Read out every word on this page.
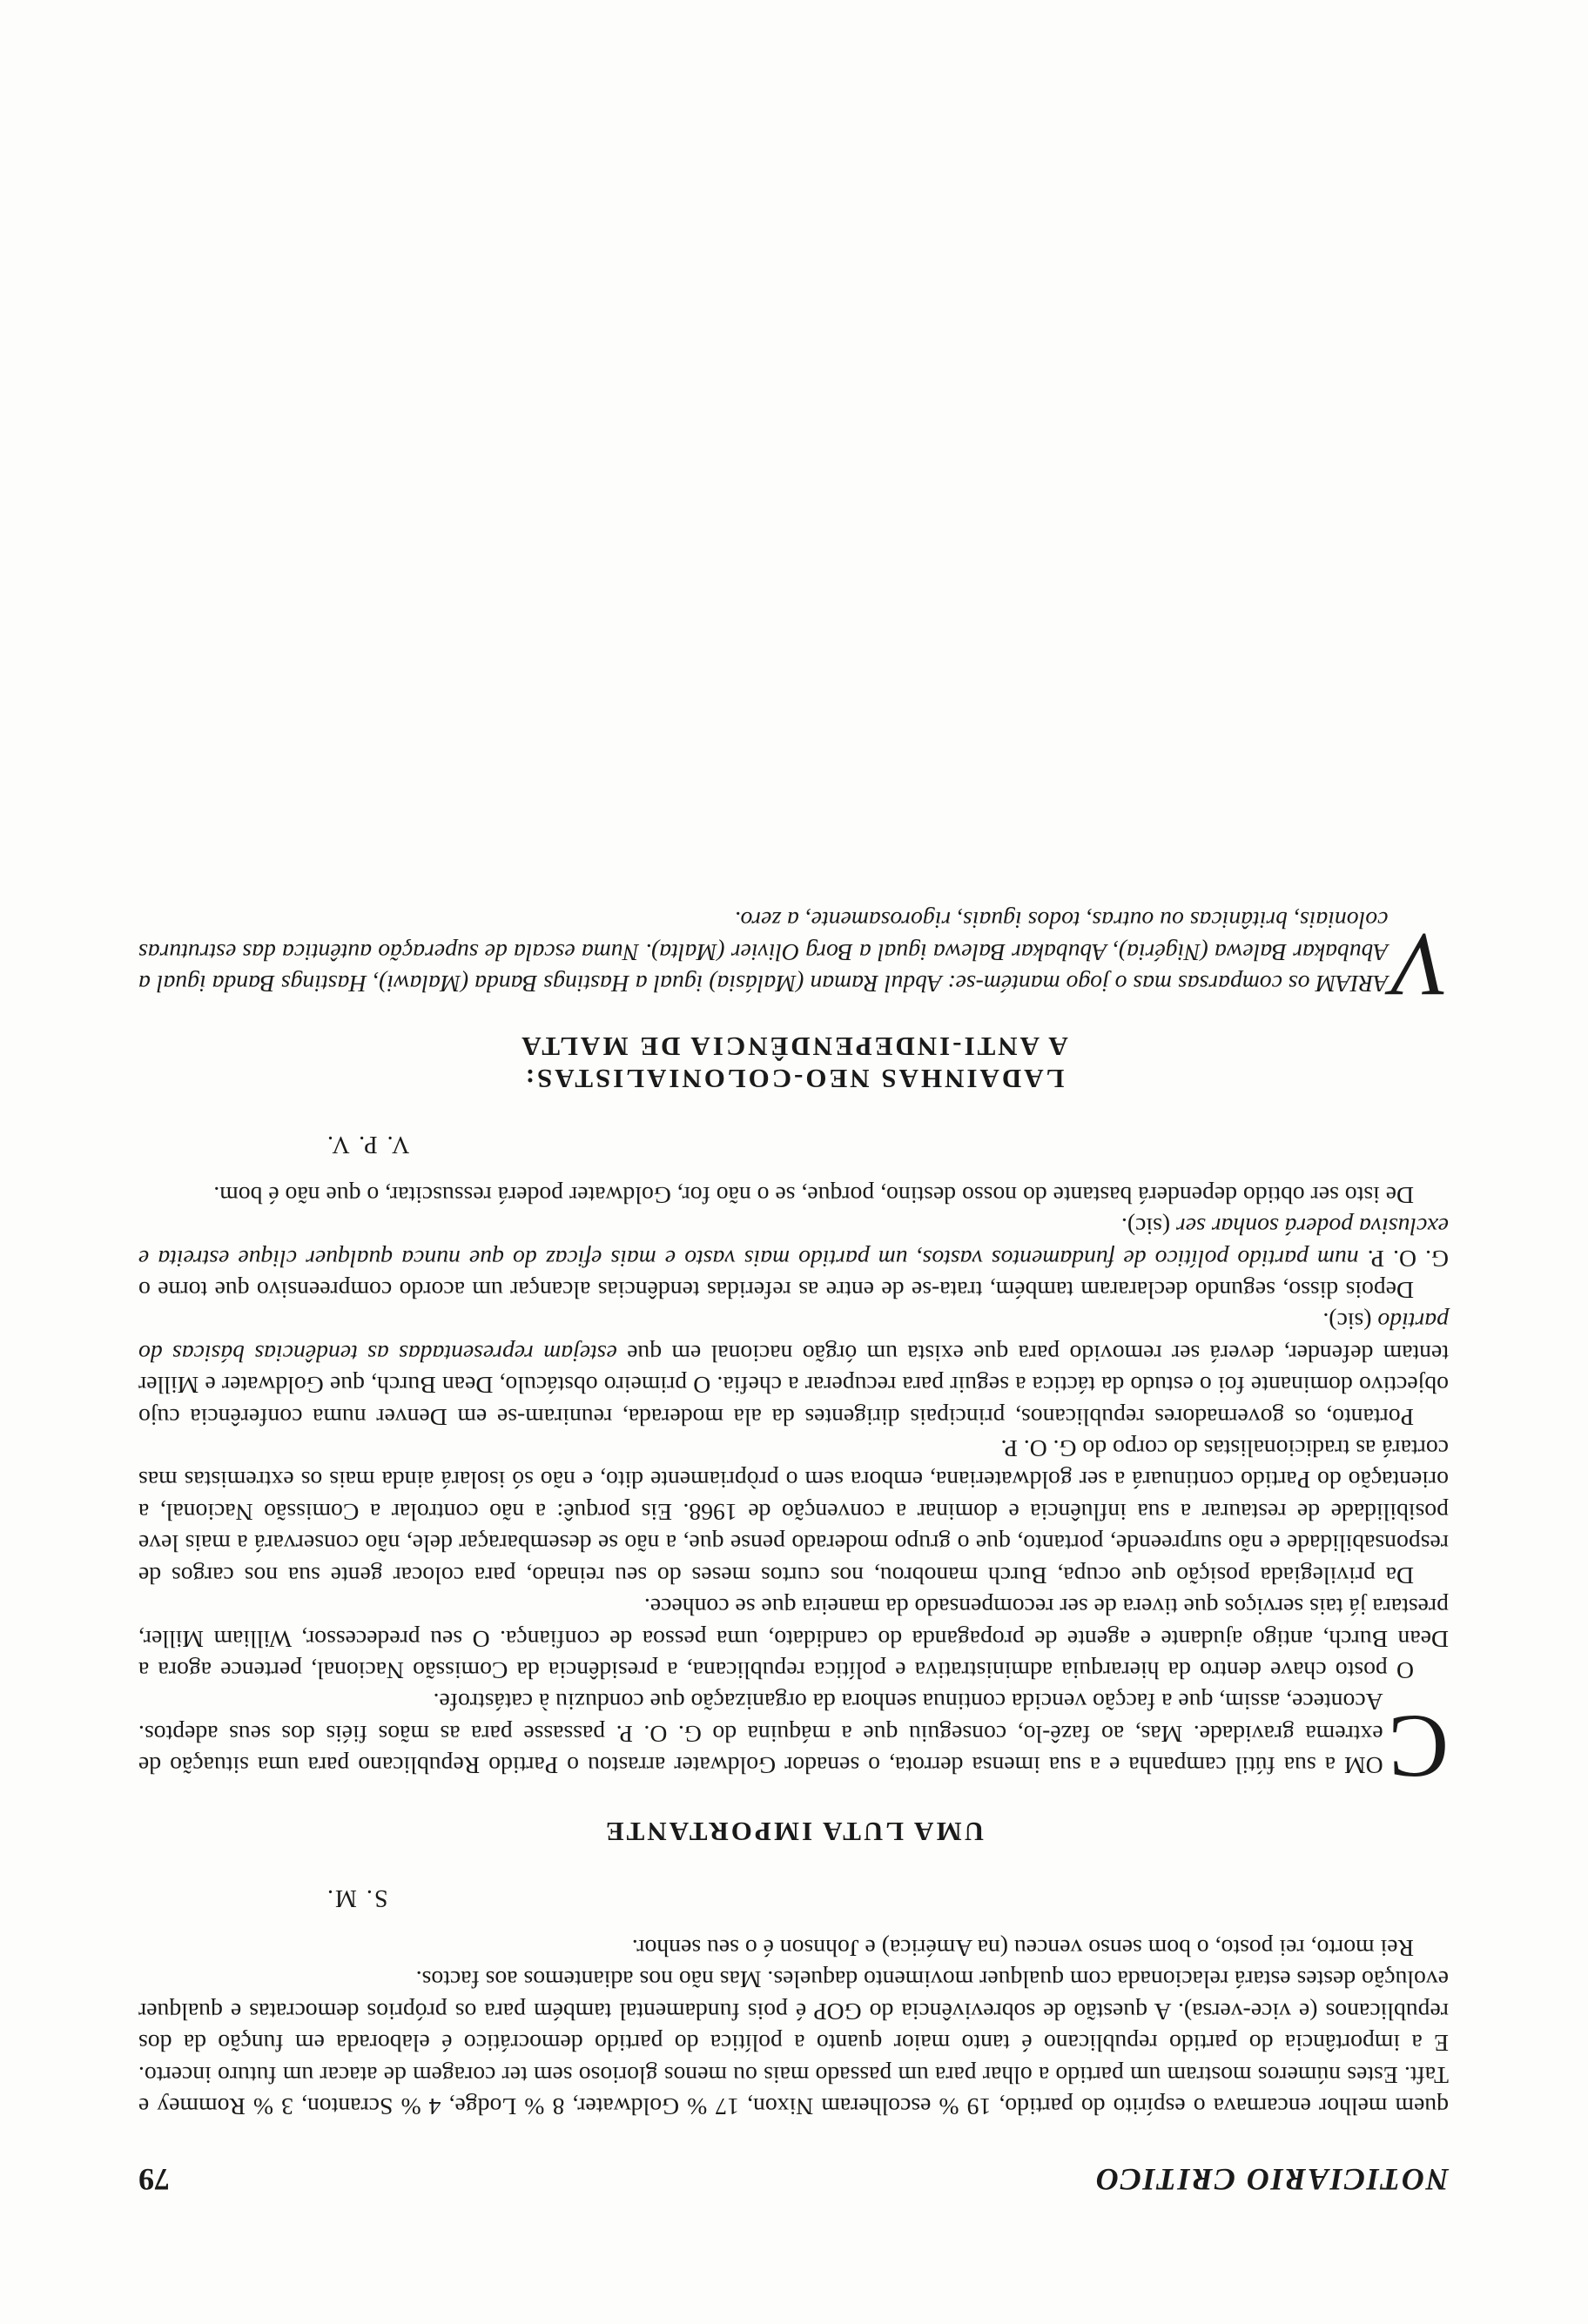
NOTICIARIO CRITICO
79

quem melhor encarnava o espírito do partido, 19 % escolheram Nixon, 17 % Goldwater, 8 % Lodge, 4 % Scranton, 3 % Rommey e Taft. Estes números mostram um partido a olhar para um passado mais ou menos glorioso sem ter coragem de atacar um futuro incerto. E a importância do partido republicano é tanto maior quanto a política do partido democrático é elaborada em função da dos republicanos (e vice-versa). A questão de sobrevivência do GOP é pois fundamental também para os próprios democratas e qualquer evolução destes estará relacionada com qualquer movimento daqueles. Mas não nos adiantemos aos factos.

Rei morto, rei posto, o bom senso venceu (na América) e Johnson é o seu senhor.

S. M.
UMA LUTA IMPORTANTE

C
OM a sua fútil campanha e a sua imensa derrota, o senador Goldwater arrastou o Partido Republicano para uma situação de extrema gravidade. Mas, ao fazê-lo, conseguiu que a máquina do G. O. P. passasse para as mãos fiéis dos seus adeptos. Acontece, assim, que a facção vencida continua senhora da organização que conduziu à catástrofe.

O posto chave dentro da hierarquia administrativa e política republicana, a presidência da Comissão Nacional, pertence agora a Dean Burch, antigo ajudante e agente de propaganda do candidato, uma pessoa de confiança. O seu predecessor, William Miller, prestara já tais serviços que tivera de ser recompensado da maneira que se conhece.

Da privilegiada posição que ocupa, Burch manobrou, nos curtos meses do seu reinado, para colocar gente sua nos cargos de responsabilidade e não surpreende, portanto, que o grupo moderado pense que, a não se desembaraçar dele, não conservará a mais leve posibilidade de restaurar a sua influência e dominar a convenção de 1968. Eis porquê: a não controlar a Comissão Nacional, a orientação do Partido continuará a ser goldwateriana, embora sem o pròpriamente dito, e não só isolará ainda mais os extremistas mas cortará as tradicionalistas do corpo do G. O. P.

Portanto, os governadores republicanos, principais dirigentes da ala moderada, reuniram-se em Denver numa conferência cujo objectivo dominante foi o estudo da táctica a seguir para recuperar a chefia. O primeiro obstáculo, Dean Burch, que Goldwater e Miller tentam defender, deverá ser removido para que exista um órgão nacional em que estejam representadas as tendências básicas do partido (sic).

Depois disso, segundo declararam também, trata-se de entre as referidas tendências alcançar um acordo compreensivo que torne o G. O. P. num partido político de fundamentos vastos, um partido mais vasto e mais eficaz do que nunca qualquer clique estreita e exclusiva poderá sonhar ser (sic).

De isto ser obtido dependerá bastante do nosso destino, porque, se o não for, Goldwater poderá ressuscitar, o que não é bom.

V. P. V.
LADAINHAS NEO-COLONIALISTAS:
A ANTI-INDEPENDÊNCIA DE MALTA

V
ARIAM os comparsas mas o jogo mantém-se: Abdul Raman (Malásia) igual a Hastings Banda (Malawi), Hastings Banda igual a Abubakar Balewa (Nigéria), Abubakar Balewa igual a Borg Olivier (Malta). Numa escala de superação autêntica das estruturas coloniais, britânicas ou outras, todos iguais, rigorosamente, a zero.
